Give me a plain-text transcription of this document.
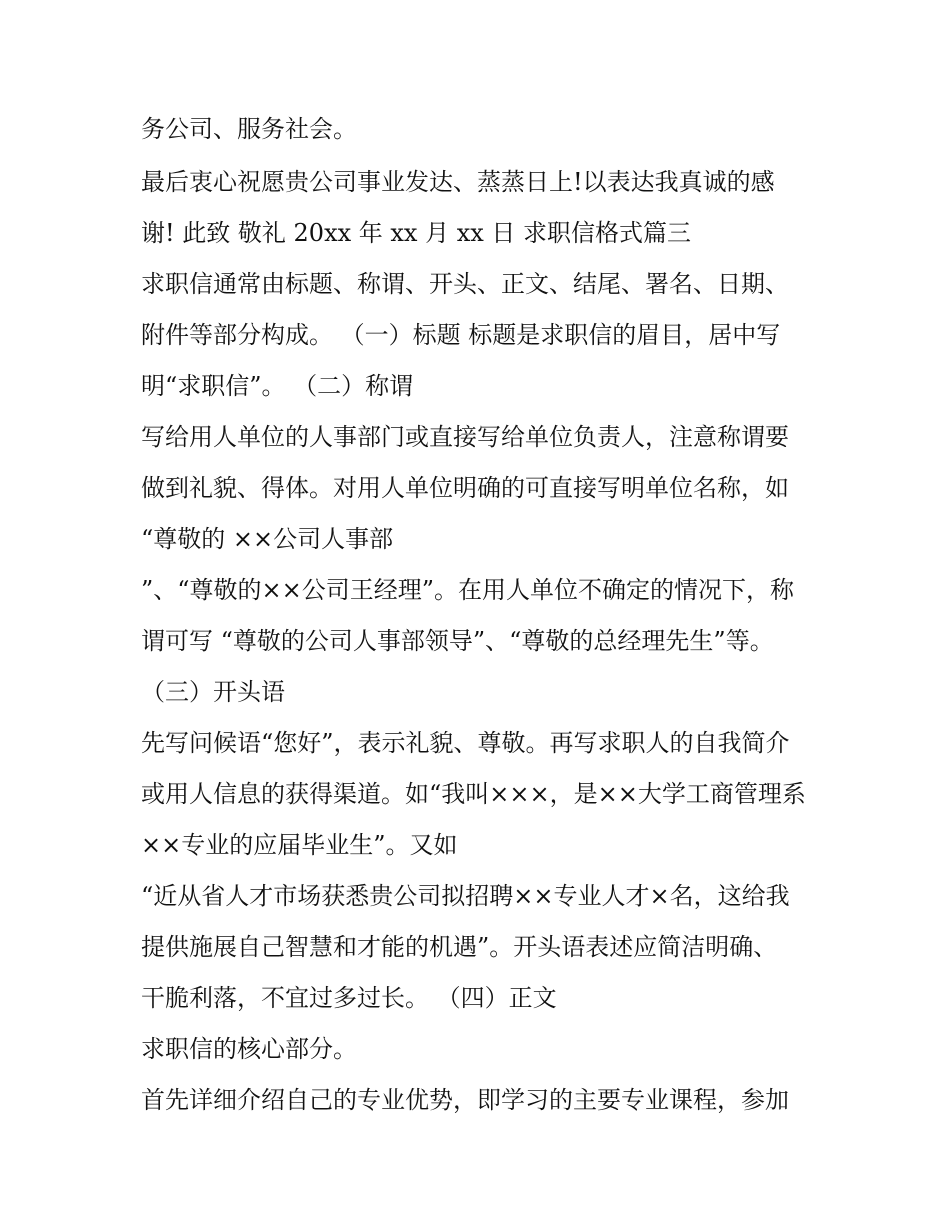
务公司、服务社会。
最后衷心祝愿贵公司事业发达、蒸蒸日上!以表达我真诚的感
谢! 此致 敬礼 20xx 年 xx 月 xx 日 求职信格式篇三
求职信通常由标题、称谓、开头、正文、结尾、署名、日期、
附件等部分构成。 （一）标题 标题是求职信的眉目，居中写
明“求职信”。 （二）称谓
写给用人单位的人事部门或直接写给单位负责人，注意称谓要
做到礼貌、得体。对用人单位明确的可直接写明单位名称，如
“尊敬的 ××公司人事部
”、“尊敬的××公司王经理”。在用人单位不确定的情况下，称
谓可写 “尊敬的公司人事部领导”、“尊敬的总经理先生”等。
（三）开头语
先写问候语“您好”，表示礼貌、尊敬。再写求职人的自我简介
或用人信息的获得渠道。如“我叫×××，是××大学工商管理系
××专业的应届毕业生”。又如
“近从省人才市场获悉贵公司拟招聘××专业人才×名，这给我
提供施展自己智慧和才能的机遇”。开头语表述应简洁明确、
干脆利落，不宜过多过长。 （四）正文
求职信的核心部分。
首先详细介绍自己的专业优势，即学习的主要专业课程，参加
